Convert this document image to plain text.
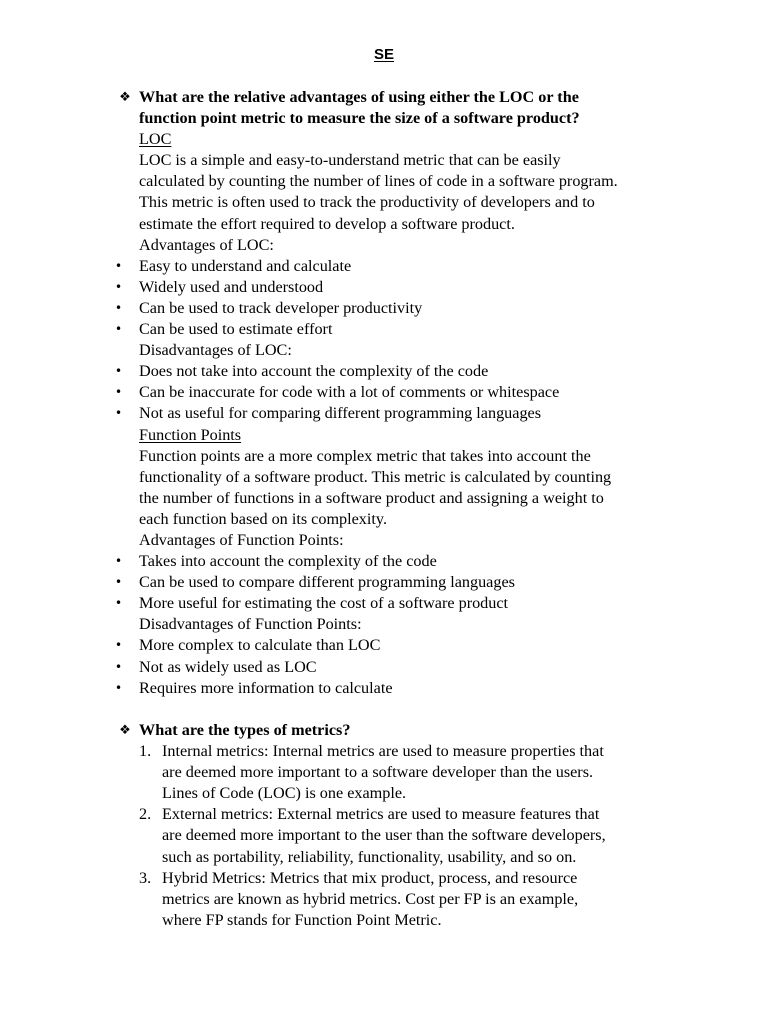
SE
❖ What are the relative advantages of using either the LOC or the
function point metric to measure the size of a software product?
LOC
LOC is a simple and easy-to-understand metric that can be easily
calculated by counting the number of lines of code in a software program.
This metric is often used to track the productivity of developers and to
estimate the effort required to develop a software product.
Advantages of LOC:
• Easy to understand and calculate
• Widely used and understood
• Can be used to track developer productivity
• Can be used to estimate effort
Disadvantages of LOC:
• Does not take into account the complexity of the code
• Can be inaccurate for code with a lot of comments or whitespace
• Not as useful for comparing different programming languages
Function Points
Function points are a more complex metric that takes into account the
functionality of a software product. This metric is calculated by counting
the number of functions in a software product and assigning a weight to
each function based on its complexity.
Advantages of Function Points:
• Takes into account the complexity of the code
• Can be used to compare different programming languages
• More useful for estimating the cost of a software product
Disadvantages of Function Points:
• More complex to calculate than LOC
• Not as widely used as LOC
• Requires more information to calculate
❖ What are the types of metrics?
1. Internal metrics: Internal metrics are used to measure properties that
are deemed more important to a software developer than the users.
Lines of Code (LOC) is one example.
2. External metrics: External metrics are used to measure features that
are deemed more important to the user than the software developers,
such as portability, reliability, functionality, usability, and so on.
3. Hybrid Metrics: Metrics that mix product, process, and resource
metrics are known as hybrid metrics. Cost per FP is an example,
where FP stands for Function Point Metric.
